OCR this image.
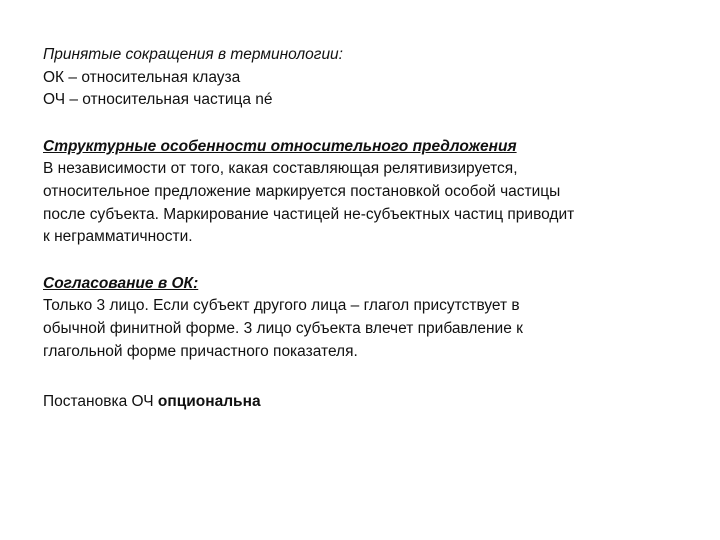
Принятые сокращения в терминологии:

ОК – относительная клауза

ОЧ – относительная частица né

Структурные особенности относительного предложения

В независимости от того, какая составляющая релятивизируется,

относительное предложение маркируется постановкой особой частицы

после субъекта. Маркирование частицей не-субъектных частиц приводит

к неграмматичности.

Согласование в ОК:

Только 3 лицо. Если субъект другого лица – глагол присутствует в

обычной финитной форме. 3 лицо субъекта влечет прибавление к

глагольной форме причастного показателя.

Постановка ОЧ опциональна
